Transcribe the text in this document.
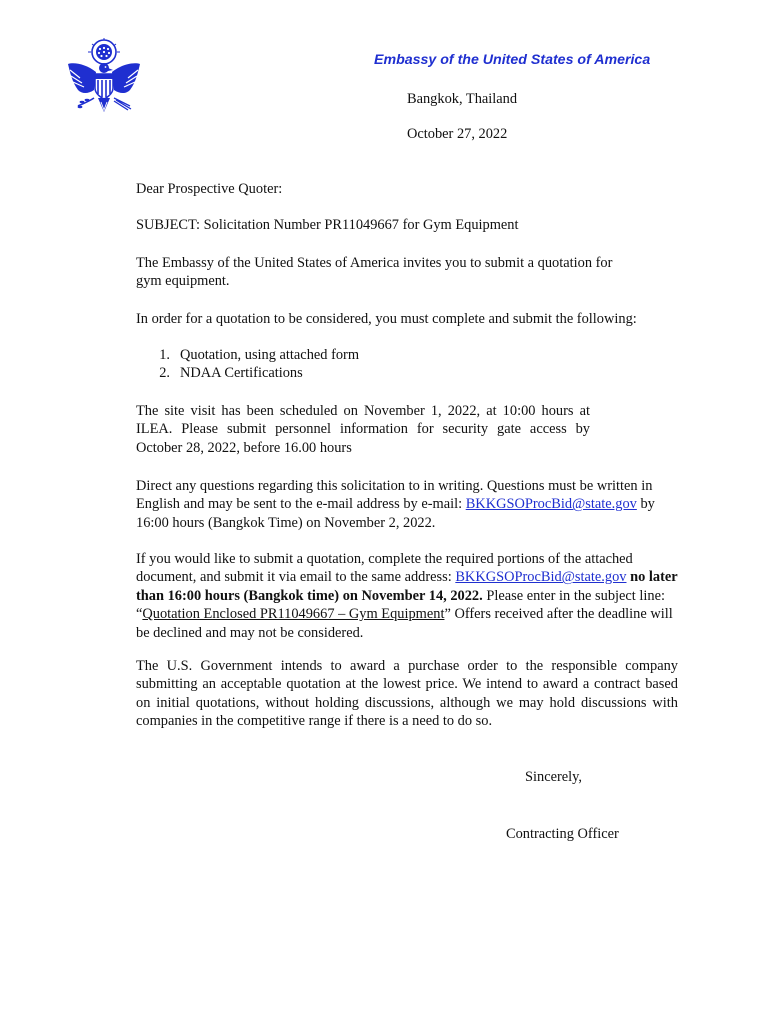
Embassy of the United States of America
Bangkok, Thailand
October 27, 2022

Dear Prospective Quoter:

SUBJECT: Solicitation Number PR11049667 for Gym Equipment

The Embassy of the United States of America invites you to submit a quotation for gym equipment.

In order for a quotation to be considered, you must complete and submit the following:

1. Quotation, using attached form
2. NDAA Certifications

The site visit has been scheduled on November 1, 2022, at 10:00 hours at ILEA. Please submit personnel information for security gate access by October 28, 2022, before 16.00 hours

Direct any questions regarding this solicitation to in writing. Questions must be written in English and may be sent to the e-mail address by e-mail: BKKGSOProcBid@state.gov by 16:00 hours (Bangkok Time) on November 2, 2022.

If you would like to submit a quotation, complete the required portions of the attached document, and submit it via email to the same address: BKKGSOProcBid@state.gov no later than 16:00 hours (Bangkok time) on November 14, 2022. Please enter in the subject line: “Quotation Enclosed PR11049667 – Gym Equipment” Offers received after the deadline will be declined and may not be considered.

The U.S. Government intends to award a purchase order to the responsible company submitting an acceptable quotation at the lowest price. We intend to award a contract based on initial quotations, without holding discussions, although we may hold discussions with companies in the competitive range if there is a need to do so.

Sincerely,
Contracting Officer
